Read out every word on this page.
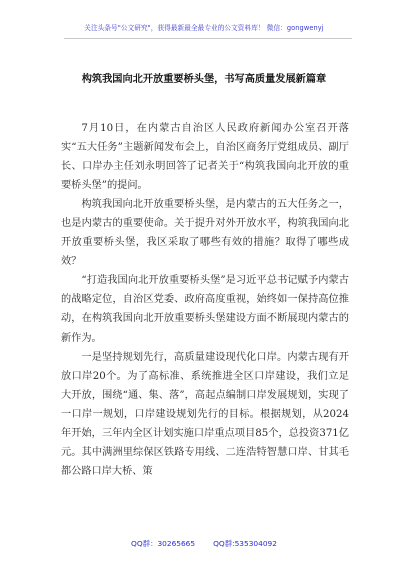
关注头条号"公文研究"，获得最新最全最专业的公文资料库！ 微信：gongwenyj
构筑我国向北开放重要桥头堡，书写高质量发展新篇章

7月10日，在内蒙古自治区人民政府新闻办公室召开落实“五大任务”主题新闻发布会上，自治区商务厅党组成员、副厅长、口岸办主任刘永明回答了记者关于“构筑我国向北开放的重要桥头堡”的提问。

构筑我国向北开放重要桥头堡，是内蒙古的五大任务之一，也是内蒙古的重要使命。关于提升对外开放水平，构筑我国向北开放重要桥头堡，我区采取了哪些有效的措施？取得了哪些成效？

“打造我国向北开放重要桥头堡”是习近平总书记赋予内蒙古的战略定位，自治区党委、政府高度重视，始终如一保持高位推动，在构筑我国向北开放重要桥头堡建设方面不断展现内蒙古的新作为。

一是坚持规划先行，高质量建设现代化口岸。内蒙古现有开放口岸20个。为了高标准、系统推进全区口岸建设，我们立足大开放，围绕“通、集、落”，高起点编制口岸发展规划，实现了一口岸一规划，口岸建设规划先行的目标。根据规划，从2024年开始，三年内全区计划实施口岸重点项目85个，总投资371亿元。其中满洲里综保区铁路专用线、二连浩特智慧口岸、甘其毛都公路口岸大桥、策

QQ群：30265665 QQ群:535304092
